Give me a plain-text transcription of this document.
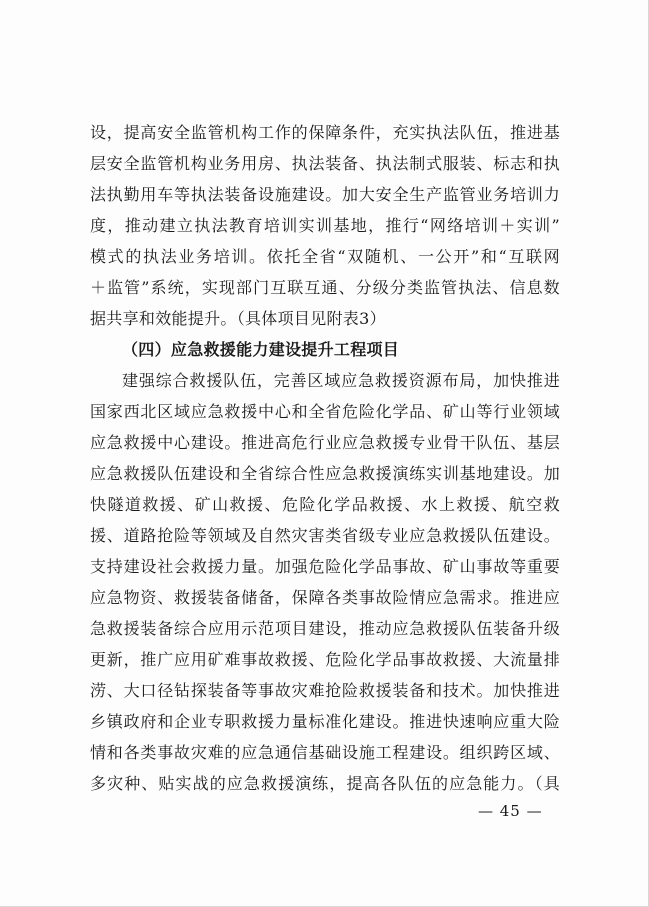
设，提高安全监管机构工作的保障条件，充实执法队伍，推进基
层安全监管机构业务用房、执法装备、执法制式服装、标志和执
法执勤用车等执法装备设施建设。加大安全生产监管业务培训力
度，推动建立执法教育培训实训基地，推行“网络培训＋实训”
模式的执法业务培训。依托全省“双随机、一公开”和“互联网
＋监管”系统，实现部门互联互通、分级分类监管执法、信息数
据共享和效能提升。（具体项目见附表3）
（四）应急救援能力建设提升工程项目
建强综合救援队伍，完善区域应急救援资源布局，加快推进
国家西北区域应急救援中心和全省危险化学品、矿山等行业领域
应急救援中心建设。推进高危行业应急救援专业骨干队伍、基层
应急救援队伍建设和全省综合性应急救援演练实训基地建设。加
快隧道救援、矿山救援、危险化学品救援、水上救援、航空救
援、道路抢险等领域及自然灾害类省级专业应急救援队伍建设。
支持建设社会救援力量。加强危险化学品事故、矿山事故等重要
应急物资、救援装备储备，保障各类事故险情应急需求。推进应
急救援装备综合应用示范项目建设，推动应急救援队伍装备升级
更新，推广应用矿难事故救援、危险化学品事故救援、大流量排
涝、大口径钻探装备等事故灾难抢险救援装备和技术。加快推进
乡镇政府和企业专职救援力量标准化建设。推进快速响应重大险
情和各类事故灾难的应急通信基础设施工程建设。组织跨区域、
多灾种、贴实战的应急救援演练，提高各队伍的应急能力。（具
— 45 —
